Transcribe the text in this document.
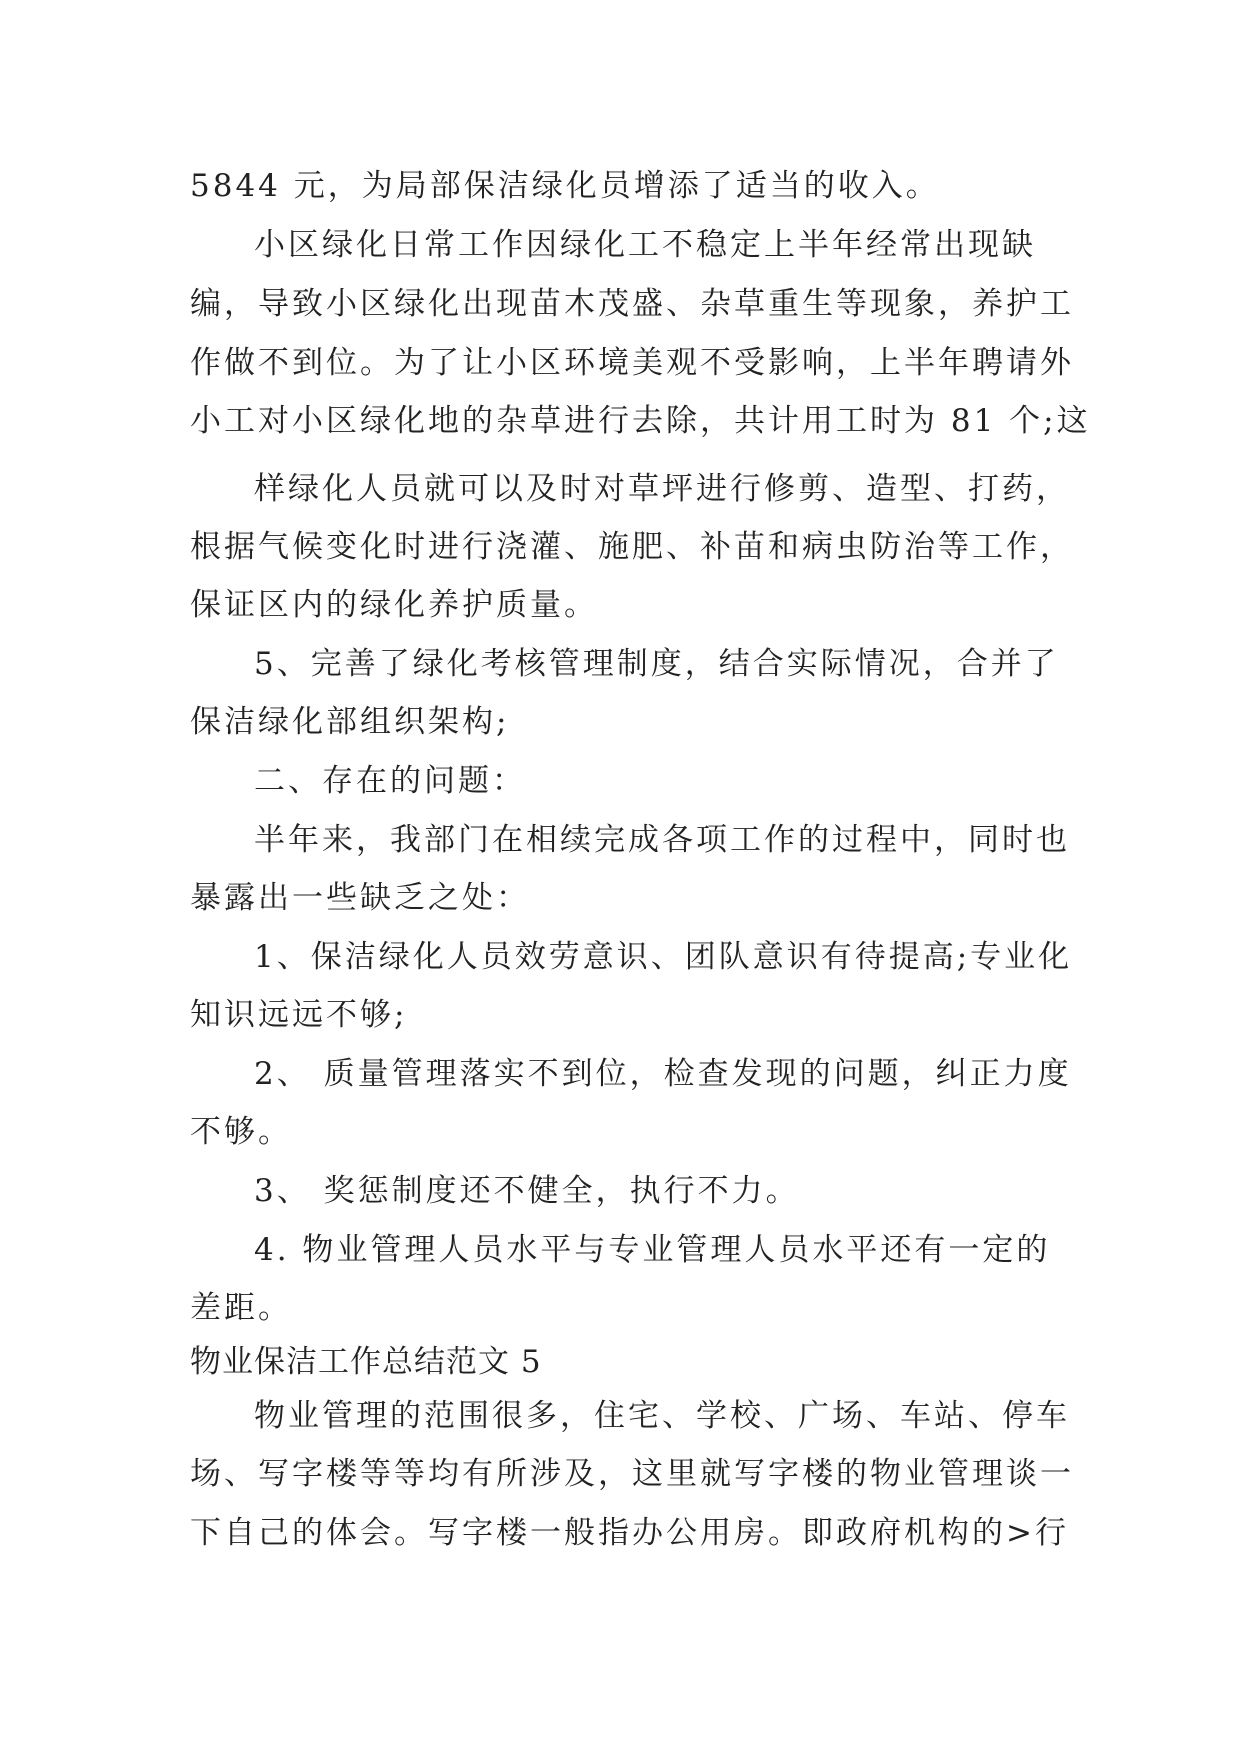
5844 元，为局部保洁绿化员增添了适当的收入。
小区绿化日常工作因绿化工不稳定上半年经常出现缺
编，导致小区绿化出现苗木茂盛、杂草重生等现象，养护工
作做不到位。为了让小区环境美观不受影响，上半年聘请外
小工对小区绿化地的杂草进行去除，共计用工时为 81 个;这
样绿化人员就可以及时对草坪进行修剪、造型、打药，
根据气候变化时进行浇灌、施肥、补苗和病虫防治等工作，
保证区内的绿化养护质量。
5、完善了绿化考核管理制度，结合实际情况，合并了
保洁绿化部组织架构;
二、存在的问题：
半年来，我部门在相续完成各项工作的过程中，同时也
暴露出一些缺乏之处：
1、保洁绿化人员效劳意识、团队意识有待提高;专业化
知识远远不够;
2、 质量管理落实不到位，检查发现的问题，纠正力度
不够。
3、 奖惩制度还不健全，执行不力。
4. 物业管理人员水平与专业管理人员水平还有一定的
差距。
物业保洁工作总结范文 5
物业管理的范围很多，住宅、学校、广场、车站、停车
场、写字楼等等均有所涉及，这里就写字楼的物业管理谈一
下自己的体会。写字楼一般指办公用房。即政府机构的>行
